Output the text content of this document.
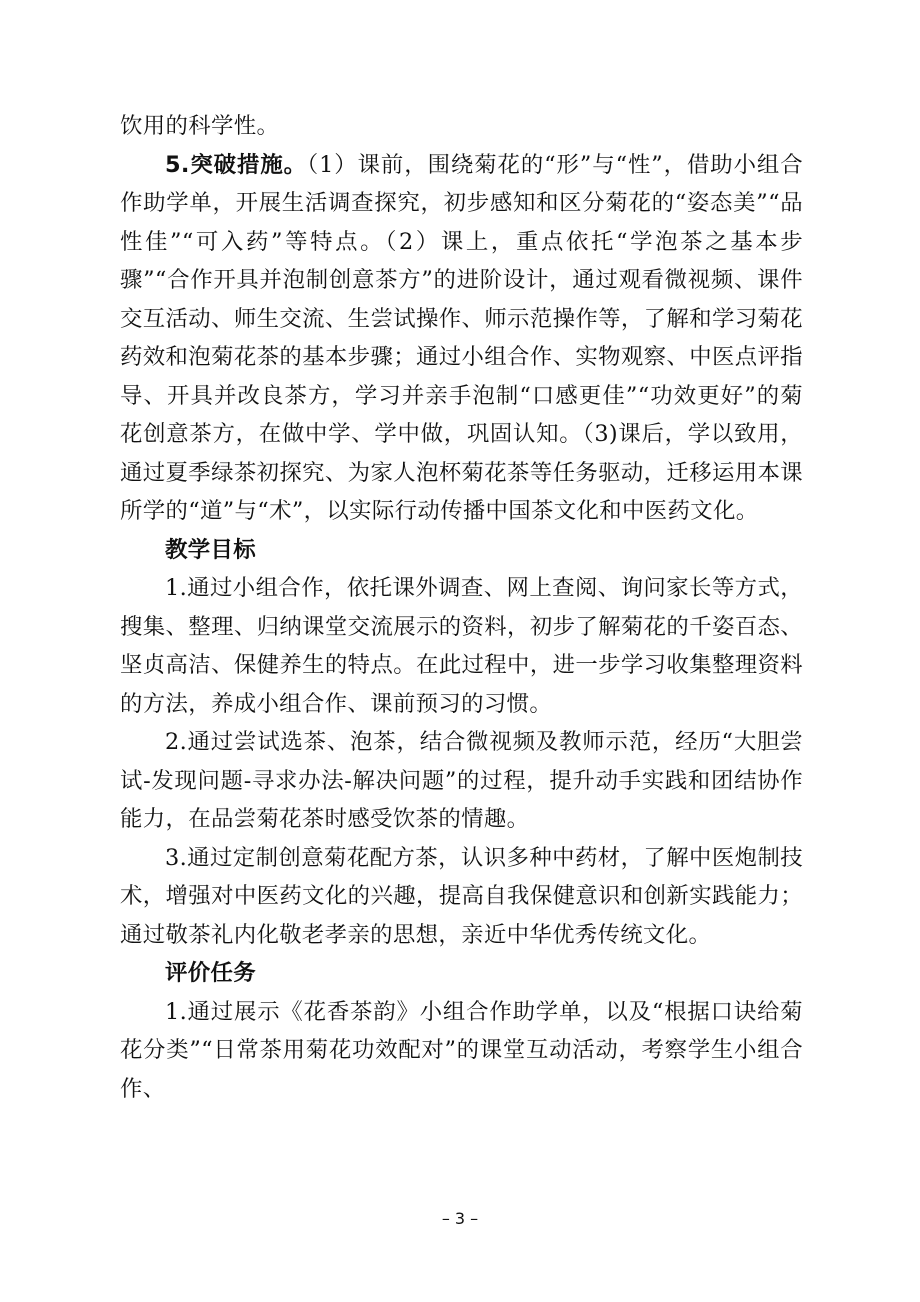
饮用的科学性。

5.突破措施。（1）课前，围绕菊花的“形”与“性”，借助小组合作助学单，开展生活调查探究，初步感知和区分菊花的“姿态美”“品性佳”“可入药”等特点。（2）课上，重点依托“学泡茶之基本步骤”“合作开具并泡制创意茶方”的进阶设计，通过观看微视频、课件交互活动、师生交流、生尝试操作、师示范操作等，了解和学习菊花药效和泡菊花茶的基本步骤；通过小组合作、实物观察、中医点评指导、开具并改良茶方，学习并亲手泡制“口感更佳”“功效更好”的菊花创意茶方，在做中学、学中做，巩固认知。（3)课后，学以致用，通过夏季绿茶初探究、为家人泡杯菊花茶等任务驱动，迁移运用本课所学的“道”与“术”，以实际行动传播中国茶文化和中医药文化。

教学目标

1.通过小组合作，依托课外调查、网上查阅、询问家长等方式，搜集、整理、归纳课堂交流展示的资料，初步了解菊花的千姿百态、坚贞高洁、保健养生的特点。在此过程中，进一步学习收集整理资料的方法，养成小组合作、课前预习的习惯。

2.通过尝试选茶、泡茶，结合微视频及教师示范，经历“大胆尝试-发现问题-寻求办法-解决问题”的过程，提升动手实践和团结协作能力，在品尝菊花茶时感受饮茶的情趣。

3.通过定制创意菊花配方茶，认识多种中药材，了解中医炮制技术，增强对中医药文化的兴趣，提高自我保健意识和创新实践能力；通过敬茶礼内化敬老孝亲的思想，亲近中华优秀传统文化。

评价任务

1.通过展示《花香茶韵》小组合作助学单，以及“根据口诀给菊花分类”“日常茶用菊花功效配对”的课堂互动活动，考察学生小组合作、

– 3 –
